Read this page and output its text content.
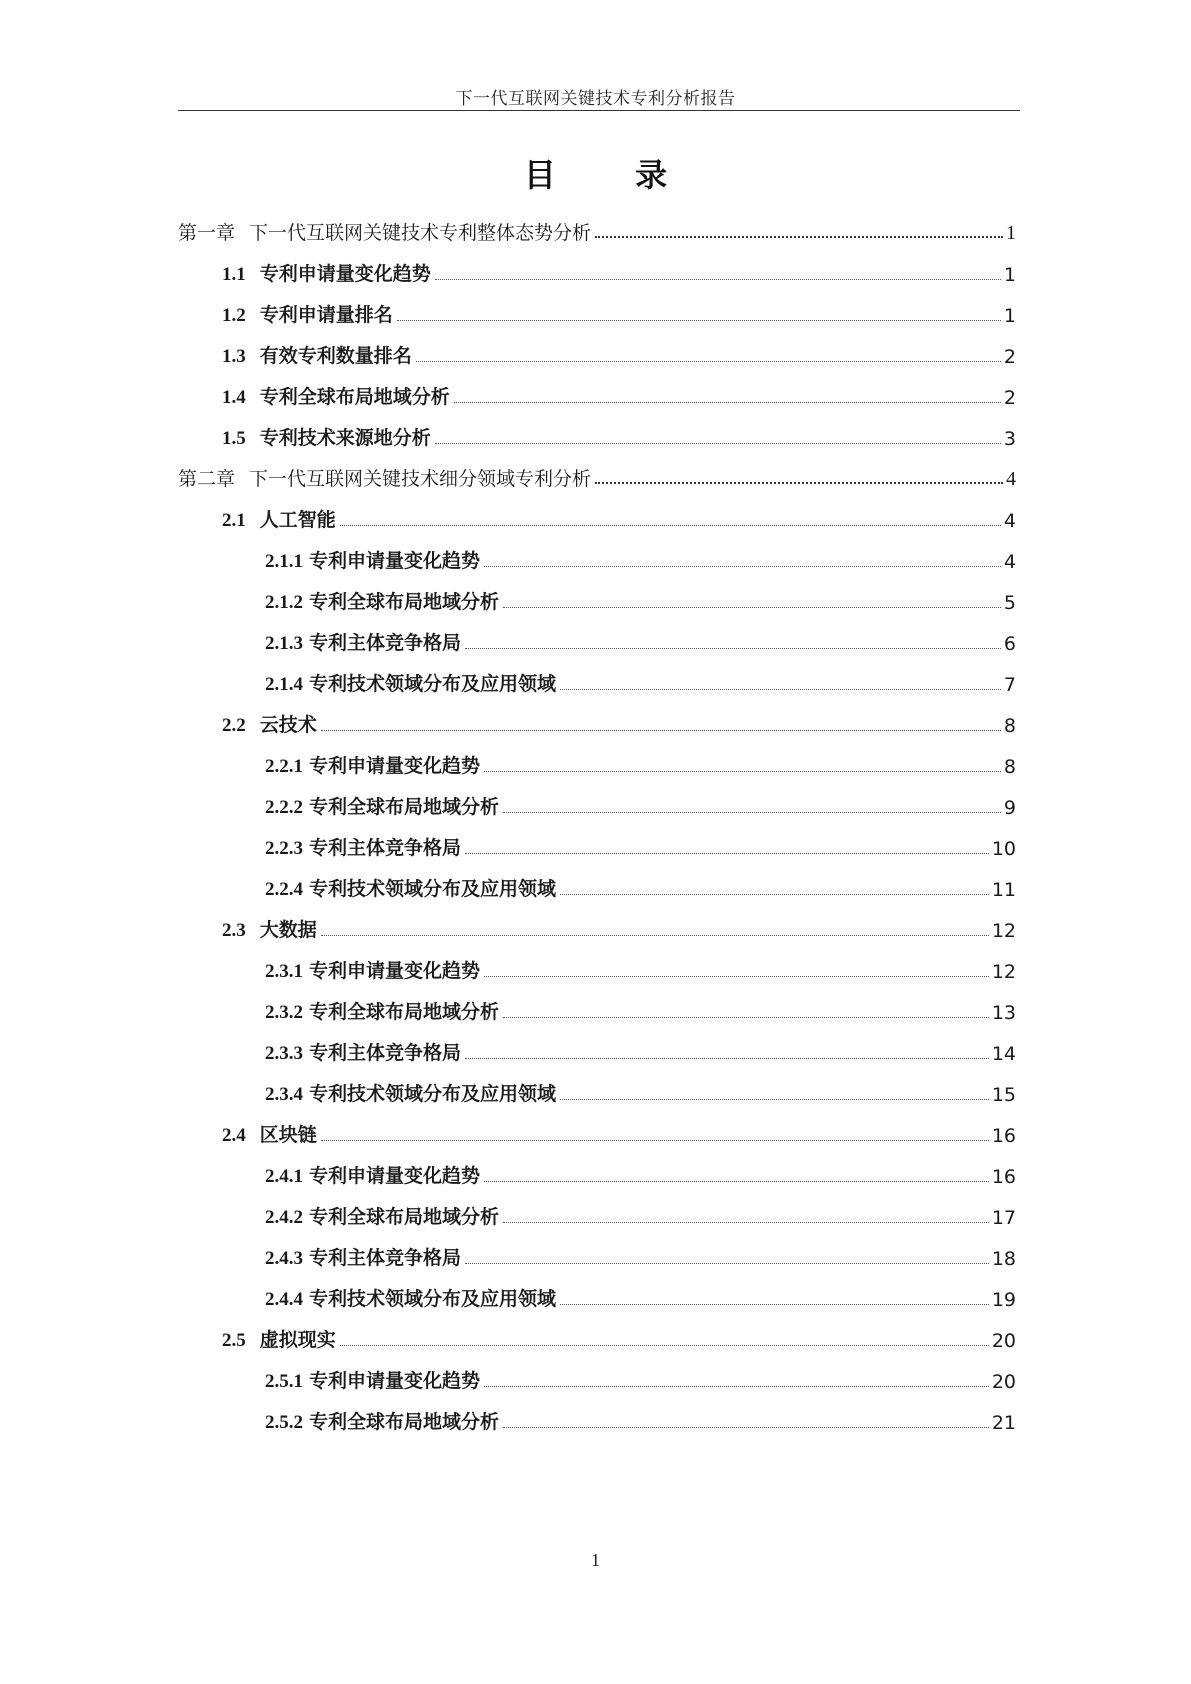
下一代互联网关键技术专利分析报告
目 录
第一章 下一代互联网关键技术专利整体态势分析	1
1.1 专利申请量变化趋势	1
1.2 专利申请量排名	1
1.3 有效专利数量排名	2
1.4 专利全球布局地域分析	2
1.5 专利技术来源地分析	3
第二章 下一代互联网关键技术细分领域专利分析	4
2.1 人工智能	4
2.1.1 专利申请量变化趋势	4
2.1.2 专利全球布局地域分析	5
2.1.3 专利主体竞争格局	6
2.1.4 专利技术领域分布及应用领域	7
2.2 云技术	8
2.2.1 专利申请量变化趋势	8
2.2.2 专利全球布局地域分析	9
2.2.3 专利主体竞争格局	10
2.2.4 专利技术领域分布及应用领域	11
2.3 大数据	12
2.3.1 专利申请量变化趋势	12
2.3.2 专利全球布局地域分析	13
2.3.3 专利主体竞争格局	14
2.3.4 专利技术领域分布及应用领域	15
2.4 区块链	16
2.4.1 专利申请量变化趋势	16
2.4.2 专利全球布局地域分析	17
2.4.3 专利主体竞争格局	18
2.4.4 专利技术领域分布及应用领域	19
2.5 虚拟现实	20
2.5.1 专利申请量变化趋势	20
2.5.2 专利全球布局地域分析	21
1
